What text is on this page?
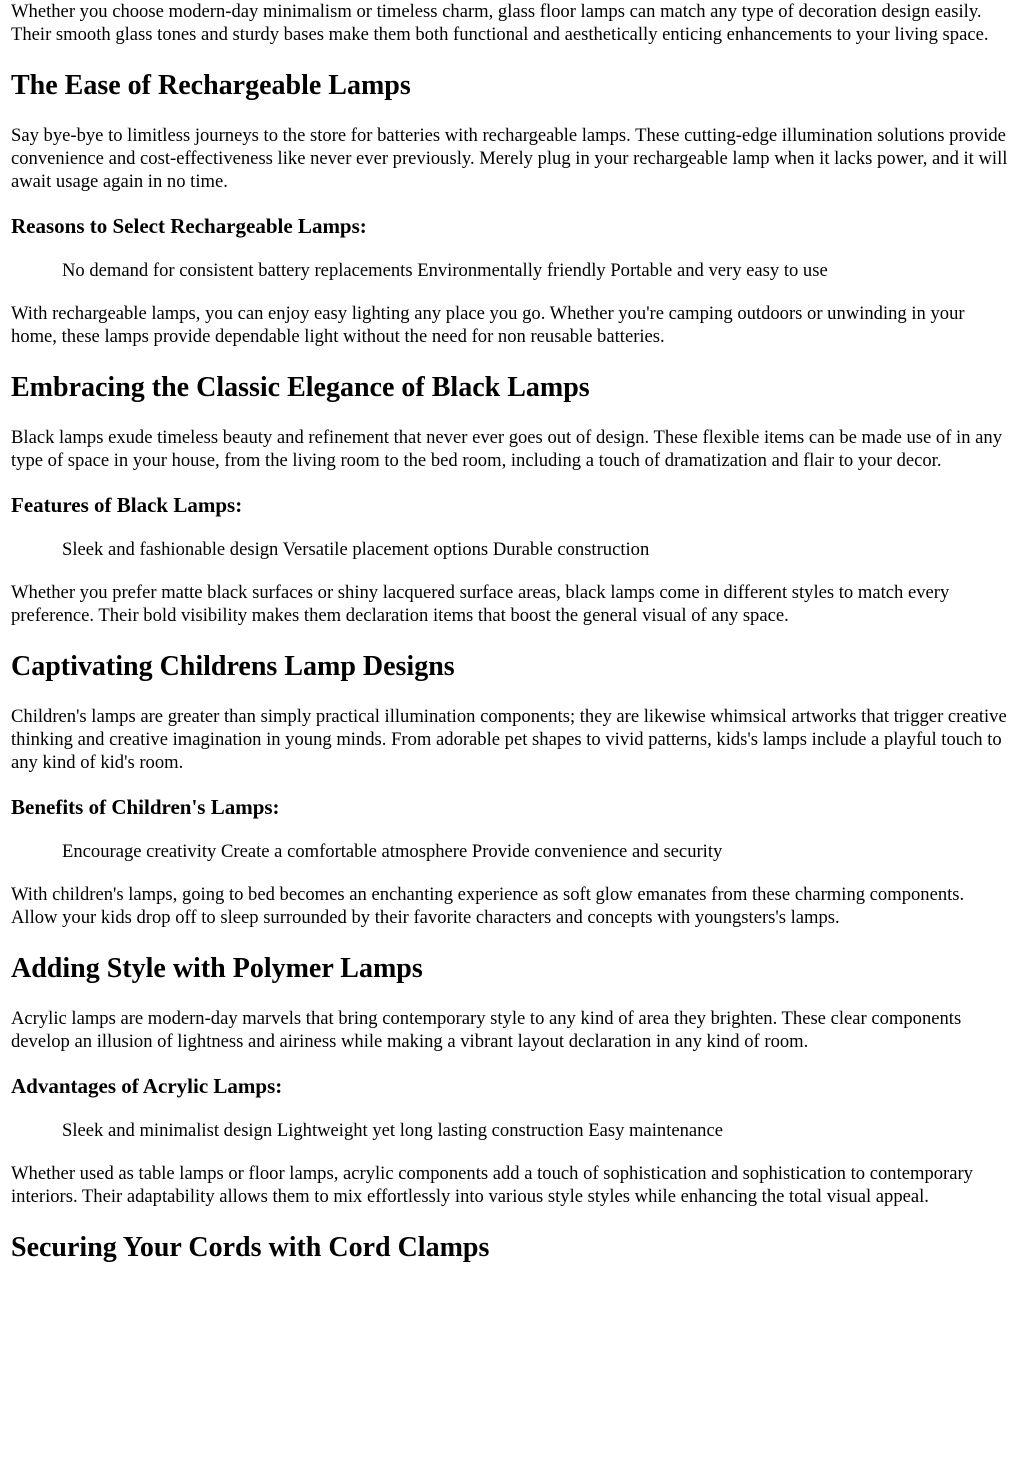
Whether you choose modern-day minimalism or timeless charm, glass floor lamps can match any type of decoration design easily. Their smooth glass tones and sturdy bases make them both functional and aesthetically enticing enhancements to your living space.

The Ease of Rechargeable Lamps

Say bye-bye to limitless journeys to the store for batteries with rechargeable lamps. These cutting-edge illumination solutions provide convenience and cost-effectiveness like never ever previously. Merely plug in your rechargeable lamp when it lacks power, and it will await usage again in no time.

Reasons to Select Rechargeable Lamps:
No demand for consistent battery replacements Environmentally friendly Portable and very easy to use

With rechargeable lamps, you can enjoy easy lighting any place you go. Whether you're camping outdoors or unwinding in your home, these lamps provide dependable light without the need for non reusable batteries.

Embracing the Classic Elegance of Black Lamps

Black lamps exude timeless beauty and refinement that never ever goes out of design. These flexible items can be made use of in any type of space in your house, from the living room to the bed room, including a touch of dramatization and flair to your decor.

Features of Black Lamps:
Sleek and fashionable design Versatile placement options Durable construction

Whether you prefer matte black surfaces or shiny lacquered surface areas, black lamps come in different styles to match every preference. Their bold visibility makes them declaration items that boost the general visual of any space.

Captivating Childrens Lamp Designs

Children's lamps are greater than simply practical illumination components; they are likewise whimsical artworks that trigger creative thinking and creative imagination in young minds. From adorable pet shapes to vivid patterns, kids's lamps include a playful touch to any kind of kid's room.

Benefits of Children's Lamps:
Encourage creativity Create a comfortable atmosphere Provide convenience and security

With children's lamps, going to bed becomes an enchanting experience as soft glow emanates from these charming components. Allow your kids drop off to sleep surrounded by their favorite characters and concepts with youngsters's lamps.

Adding Style with Polymer Lamps

Acrylic lamps are modern-day marvels that bring contemporary style to any kind of area they brighten. These clear components develop an illusion of lightness and airiness while making a vibrant layout declaration in any kind of room.

Advantages of Acrylic Lamps:
Sleek and minimalist design Lightweight yet long lasting construction Easy maintenance

Whether used as table lamps or floor lamps, acrylic components add a touch of sophistication and sophistication to contemporary interiors. Their adaptability allows them to mix effortlessly into various style styles while enhancing the total visual appeal.

Securing Your Cords with Cord Clamps
